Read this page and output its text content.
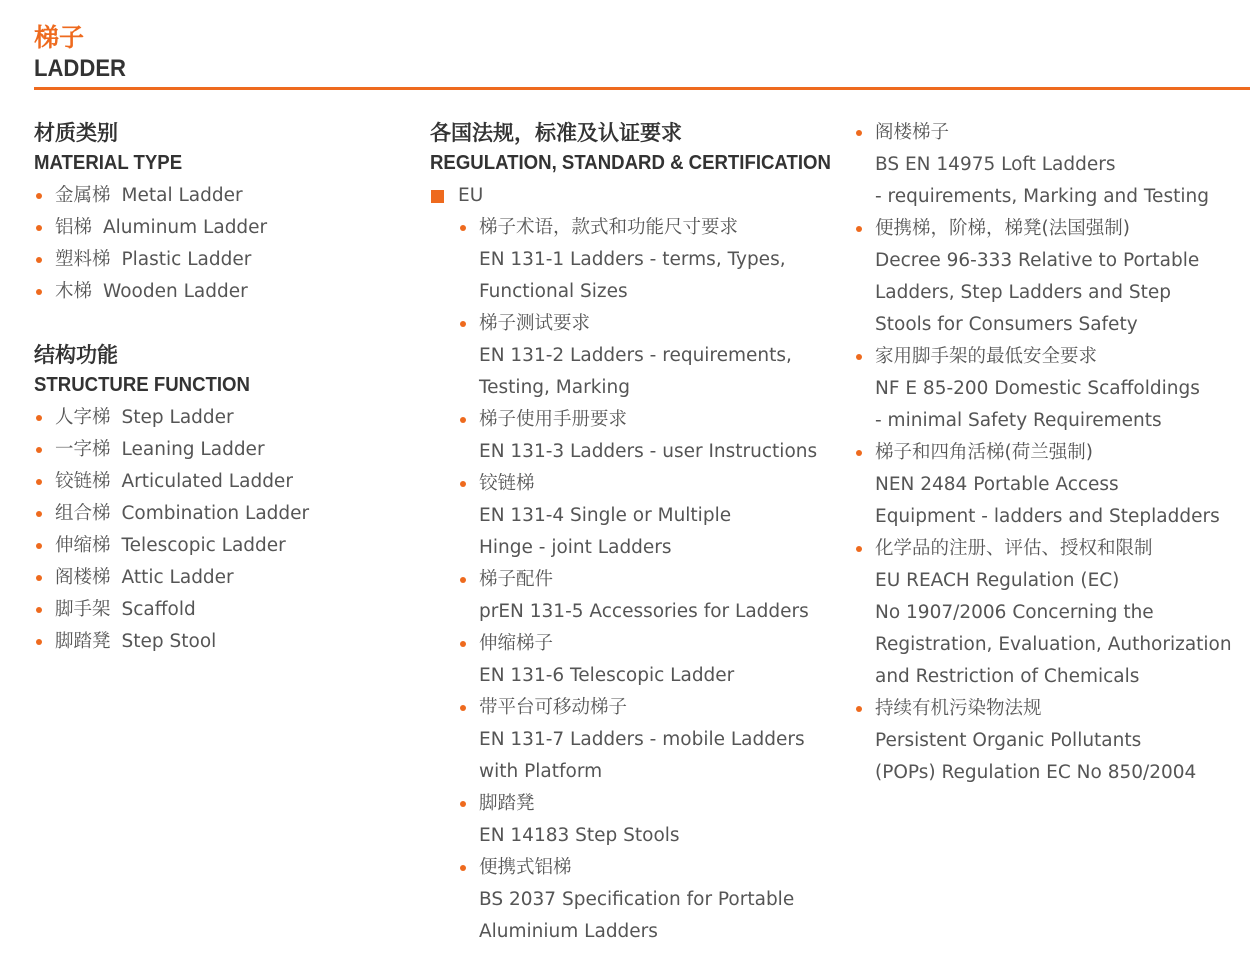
梯子
LADDER
材质类别
MATERIAL TYPE
金属梯 Metal Ladder
铝梯 Aluminum Ladder
塑料梯 Plastic Ladder
木梯 Wooden Ladder
结构功能
STRUCTURE FUNCTION
人字梯 Step Ladder
一字梯 Leaning Ladder
铰链梯 Articulated Ladder
组合梯 Combination Ladder
伸缩梯 Telescopic Ladder
阁楼梯 Attic Ladder
脚手架 Scaffold
脚踏凳 Step Stool
各国法规，标准及认证要求
REGULATION, STANDARD & CERTIFICATION
EU
梯子术语，款式和功能尺寸要求
EN 131-1 Ladders - terms, Types,
Functional Sizes
梯子测试要求
EN 131-2 Ladders - requirements,
Testing, Marking
梯子使用手册要求
EN 131-3 Ladders - user Instructions
铰链梯
EN 131-4 Single or Multiple
Hinge - joint Ladders
梯子配件
prEN 131-5 Accessories for Ladders
伸缩梯子
EN 131-6 Telescopic Ladder
带平台可移动梯子
EN 131-7 Ladders - mobile Ladders
with Platform
脚踏凳
EN 14183 Step Stools
便携式铝梯
BS 2037 Specification for Portable
Aluminium Ladders
阁楼梯子
BS EN 14975 Loft Ladders
- requirements, Marking and Testing
便携梯，阶梯，梯凳(法国强制)
Decree 96-333 Relative to Portable
Ladders, Step Ladders and Step
Stools for Consumers Safety
家用脚手架的最低安全要求
NF E 85-200 Domestic Scaffoldings
- minimal Safety Requirements
梯子和四角活梯(荷兰强制)
NEN 2484 Portable Access
Equipment - ladders and Stepladders
化学品的注册、评估、授权和限制
EU REACH Regulation (EC)
No 1907/2006 Concerning the
Registration, Evaluation, Authorization
and Restriction of Chemicals
持续有机污染物法规
Persistent Organic Pollutants
(POPs) Regulation EC No 850/2004
